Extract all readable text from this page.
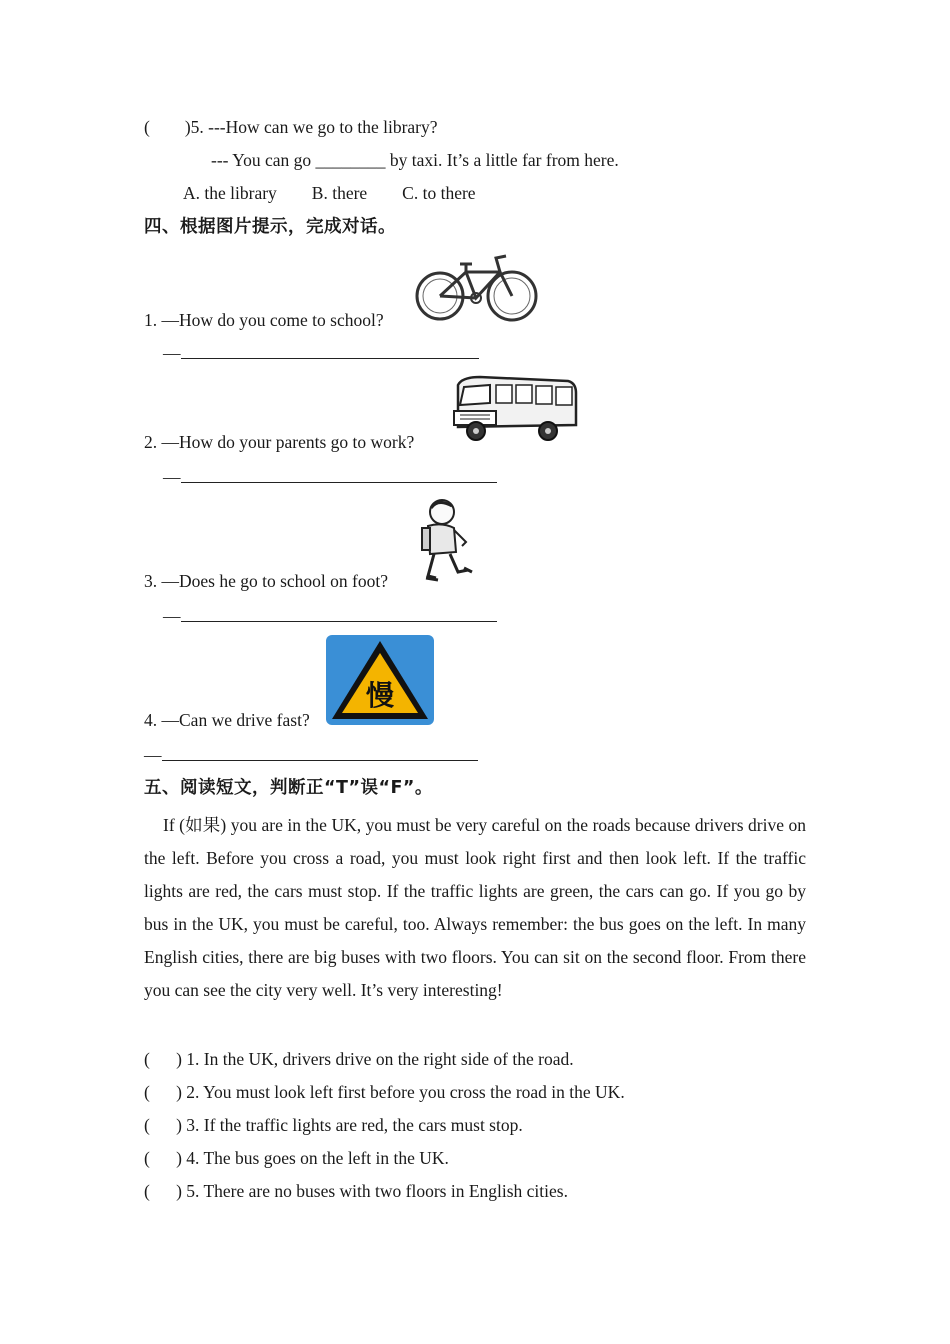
(        )5. ---How can we go to the library?
--- You can go ________ by taxi. It’s a little far from here.
A. the library        B. there        C. to there
四、根据图片提示，完成对话。
1. —How do you come to school?
—
2. —How do your parents go to work?
—
3. —Does he go to school on foot?
—
慢
4. —Can we drive fast?
—
五、阅读短文，判断正“T”误“F”。

If (如果) you are in the UK, you must be very careful on the roads because drivers drive on the left. Before you cross a road, you must look right first and then look left. If the traffic lights are red, the cars must stop. If the traffic lights are green, the cars can go. If you go by bus in the UK, you must be careful, too. Always remember: the bus goes on the left. In many English cities, there are big buses with two floors. You can sit on the second floor. From there you can see the city very well. It’s very interesting!

(      ) 1. In the UK, drivers drive on the right side of the road.
(      ) 2. You must look left first before you cross the road in the UK.
(      ) 3. If the traffic lights are red, the cars must stop.
(      ) 4. The bus goes on the left in the UK.
(      ) 5. There are no buses with two floors in English cities.
